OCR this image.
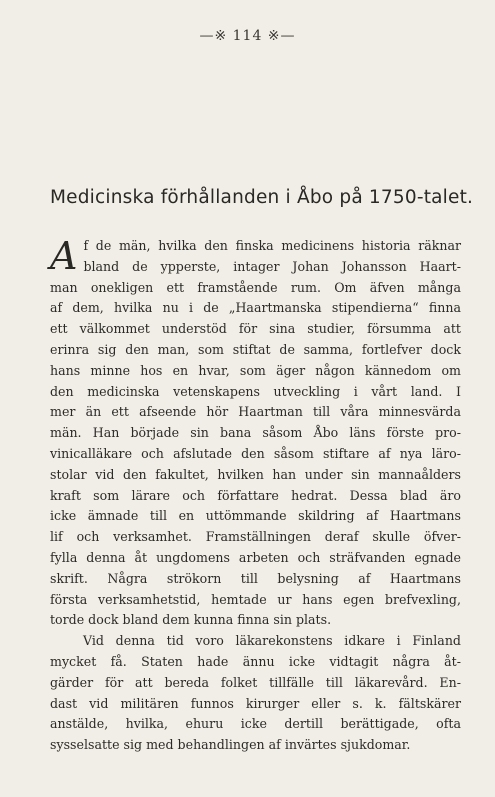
—※ 114 ※—
Medicinska förhållanden i Åbo på 1750-talet.
A f de män, hvilka den finska medicinens historia räknar
bland de ypperste, intager Johan Johansson Haart-
man onekligen ett framstående rum. Om äfven många
af dem, hvilka nu i de „Haartmanska stipendierna“ finna
ett välkommet understöd för sina studier, försumma att
erinra sig den man, som stiftat de samma, fortlefver dock
hans minne hos en hvar, som äger någon kännedom om
den medicinska vetenskapens utveckling i vårt land. I
mer än ett afseende hör Haartman till våra minnesvärda
män. Han började sin bana såsom Åbo läns förste pro-
vinicalläkare och afslutade den såsom stiftare af nya läro-
stolar vid den fakultet, hvilken han under sin mannaålders
kraft som lärare och författare hedrat. Dessa blad äro
icke ämnade till en uttömmande skildring af Haartmans
lif och verksamhet. Framställningen deraf skulle öfver-
fylla denna åt ungdomens arbeten och sträfvanden egnade
skrift. Några strökorn till belysning af Haartmans
första verksamhetstid, hemtade ur hans egen brefvexling,
torde dock bland dem kunna finna sin plats.
Vid denna tid voro läkarekonstens idkare i Finland
mycket få. Staten hade ännu icke vidtagit några åt-
gärder för att bereda folket tillfälle till läkarevård. En-
dast vid militären funnos kirurger eller s. k. fältskärer
anstälde, hvilka, ehuru icke dertill berättigade, ofta
sysselsatte sig med behandlingen af invärtes sjukdomar.
